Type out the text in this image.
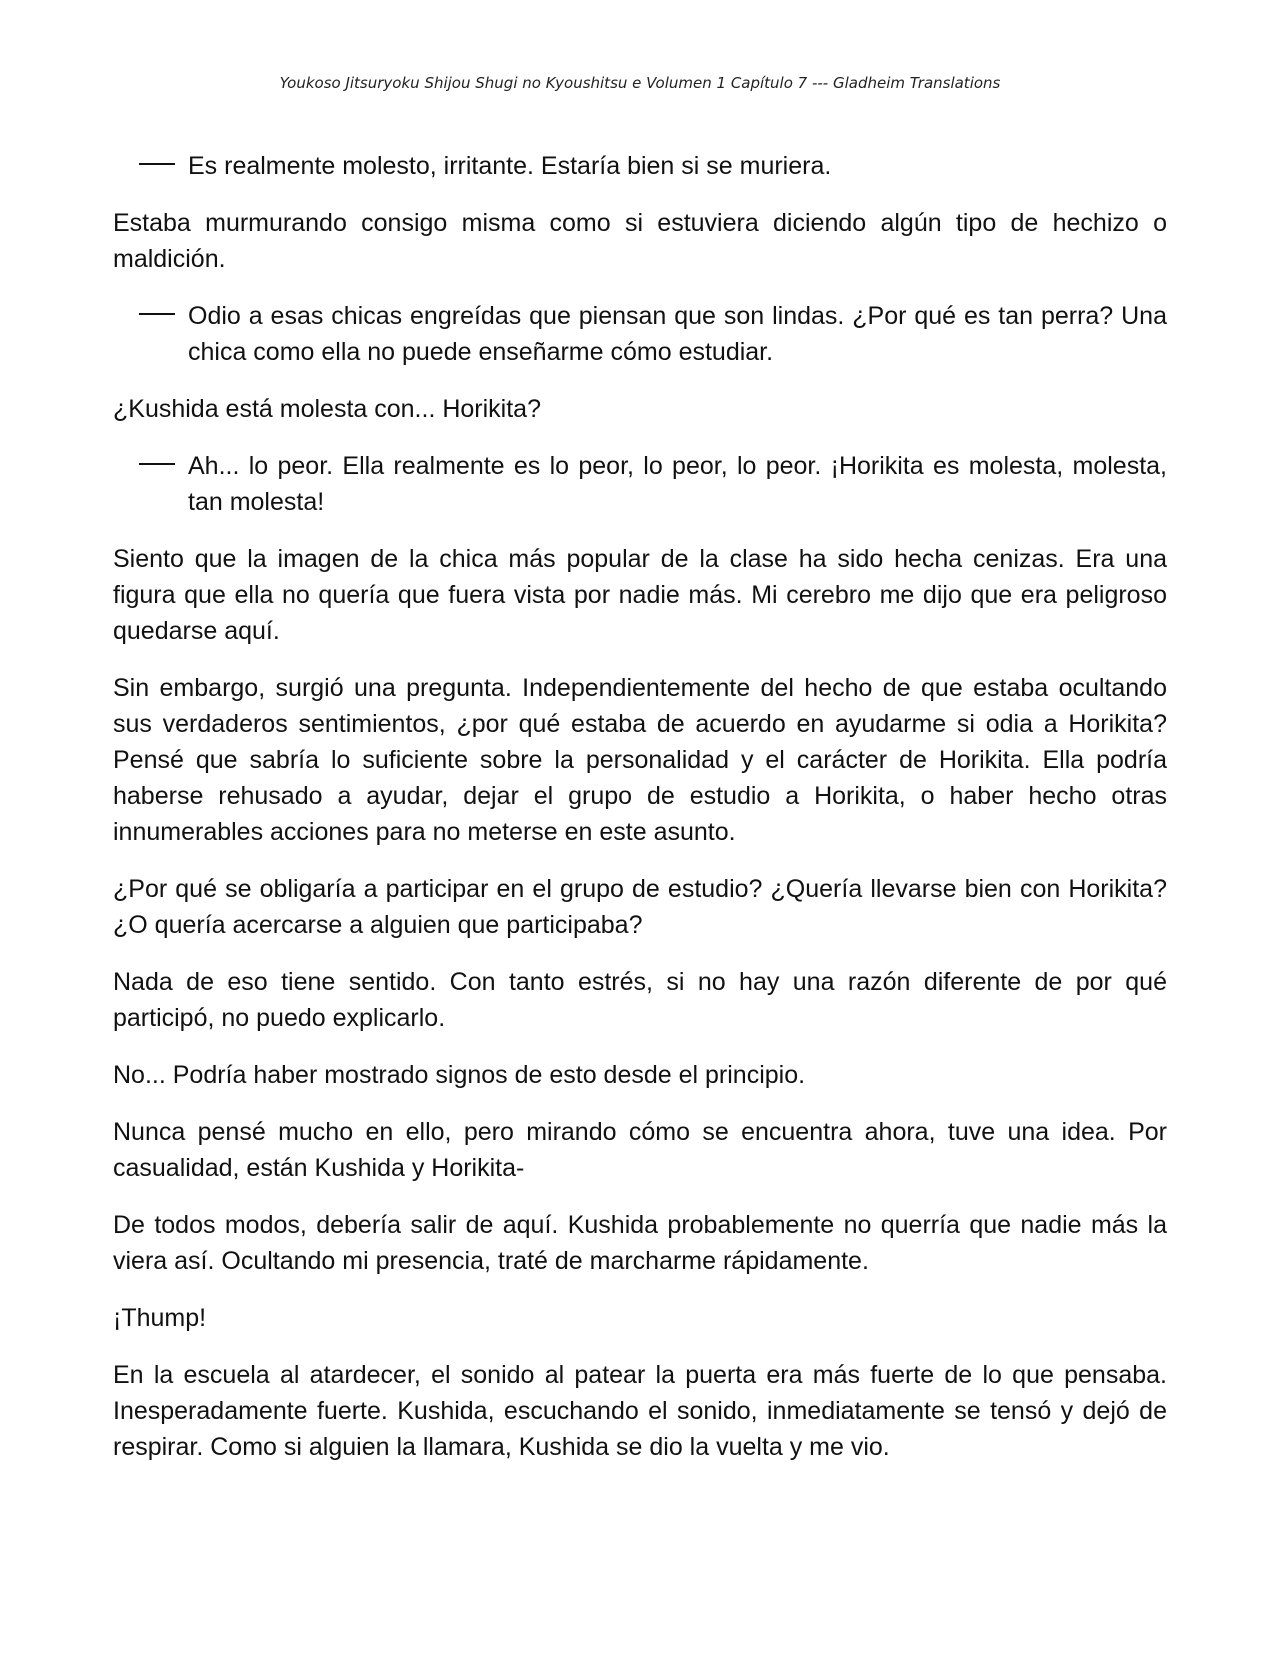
Youkoso Jitsuryoku Shijou Shugi no Kyoushitsu e Volumen 1 Capítulo 7 --- Gladheim Translations
Es realmente molesto, irritante. Estaría bien si se muriera.

Estaba murmurando consigo misma como si estuviera diciendo algún tipo de hechizo o maldición.

Odio a esas chicas engreídas que piensan que son lindas. ¿Por qué es tan perra? Una chica como ella no puede enseñarme cómo estudiar.

¿Kushida está molesta con... Horikita?

Ah... lo peor. Ella realmente es lo peor, lo peor, lo peor. ¡Horikita es molesta, molesta, tan molesta!

Siento que la imagen de la chica más popular de la clase ha sido hecha cenizas. Era una figura que ella no quería que fuera vista por nadie más. Mi cerebro me dijo que era peligroso quedarse aquí.

Sin embargo, surgió una pregunta. Independientemente del hecho de que estaba ocultando sus verdaderos sentimientos, ¿por qué estaba de acuerdo en ayudarme si odia a Horikita? Pensé que sabría lo suficiente sobre la personalidad y el carácter de Horikita. Ella podría haberse rehusado a ayudar, dejar el grupo de estudio a Horikita, o haber hecho otras innumerables acciones para no meterse en este asunto.

¿Por qué se obligaría a participar en el grupo de estudio? ¿Quería llevarse bien con Horikita? ¿O quería acercarse a alguien que participaba?

Nada de eso tiene sentido. Con tanto estrés, si no hay una razón diferente de por qué participó, no puedo explicarlo.

No... Podría haber mostrado signos de esto desde el principio.

Nunca pensé mucho en ello, pero mirando cómo se encuentra ahora, tuve una idea. Por casualidad, están Kushida y Horikita-

De todos modos, debería salir de aquí. Kushida probablemente no querría que nadie más la viera así. Ocultando mi presencia, traté de marcharme rápidamente.

¡Thump!

En la escuela al atardecer, el sonido al patear la puerta era más fuerte de lo que pensaba. Inesperadamente fuerte. Kushida, escuchando el sonido, inmediatamente se tensó y dejó de respirar. Como si alguien la llamara, Kushida se dio la vuelta y me vio.
